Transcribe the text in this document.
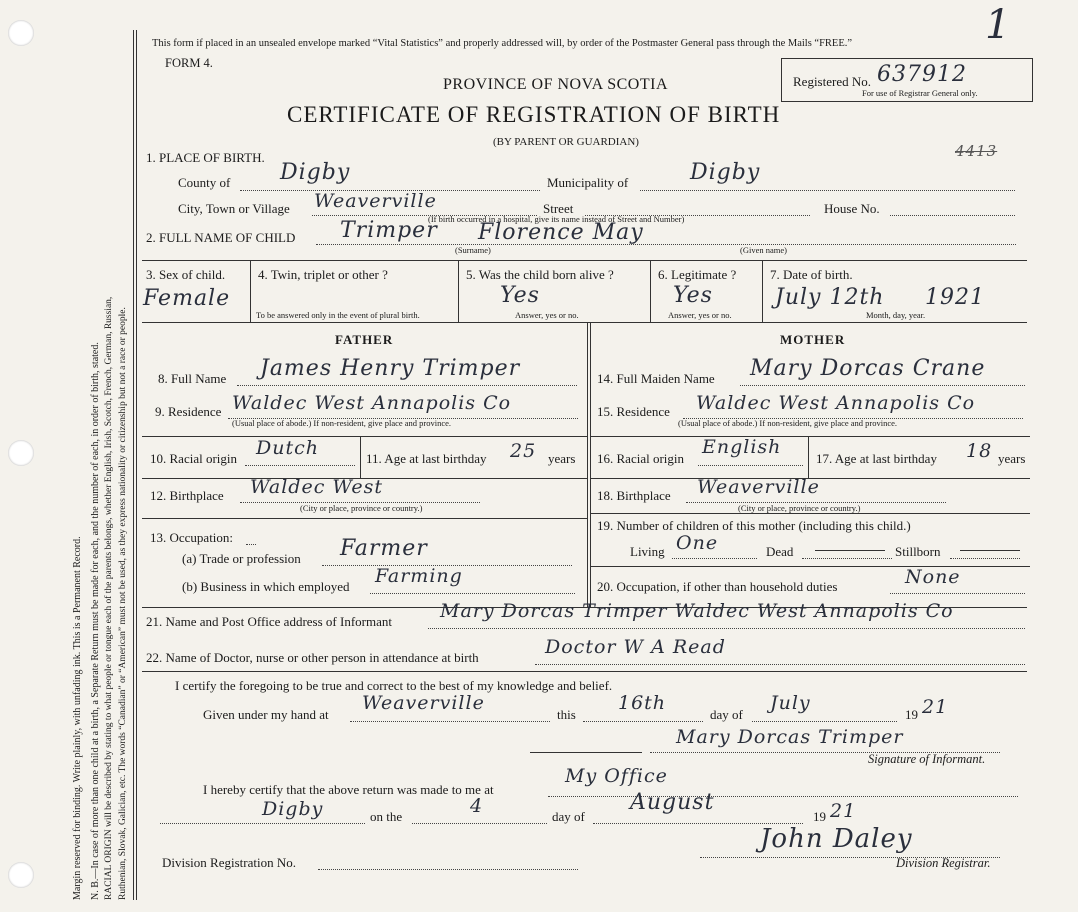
Margin reserved for binding. Write plainly, with unfading ink. This is a Permanent Record. N. B.—In case of more than one child at a birth, a Separate Return must be made for each, and the number of each, in order of birth, stated. RACIAL ORIGIN will be described by stating to what people or tongue each of the parents belongs, whether English, Irish, Scotch, French, German, Russian, Ruthenian, Slovak, Galician, etc. The words “Canadian” or “American” must not be used, as they express nationality or citizenship but not a race or people.
This form if placed in an unsealed envelope marked “Vital Statistics” and properly addressed will, by order of the Postmaster General pass through the Mails “FREE.”
FORM 4.
Registered No. 637912
For use of Registrar General only.
1
PROVINCE OF NOVA SCOTIA
CERTIFICATE OF REGISTRATION OF BIRTH
(BY PARENT OR GUARDIAN)	4413
1. PLACE OF BIRTH.
County of Digby	Municipality of	Digby
City, Town or Village Weaverville	Street
(If birth occurred in a hospital, give its name instead of Street and Number)
House No.
2. FULL NAME OF CHILD Trimper Florence May
(Surname)	(Given name)
3. Sex of child.
Female
4. Twin, triplet or other ?
To be answered only in the event of plural birth.
5. Was the child born alive ?
Yes
Answer, yes or no.
6. Legitimate ?
Yes
Answer, yes or no.
7. Date of birth.
July 12th 1921
Month, day, year.
FATHER	MOTHER
8. Full Name James Henry Trimper
9. Residence Waldec West Annapolis Co
(Usual place of abode.) If non-resident, give place and province.
10. Racial origin Dutch	11. Age at last birthday 25 years
12. Birthplace Waldec West
(City or place, province or country.)
13. Occupation:
(a) Trade or profession Farmer
(b) Business in which employed Farming
14. Full Maiden Name Mary Dorcas Crane
15. Residence Waldec West Annapolis Co
(Usual place of abode.) If non-resident, give place and province.
16. Racial origin
English
17. Age at last birthday 18 years
18. Birthplace Weaverville
(City or place, province or country.)
19. Number of children of this mother (including this child.)
Living One	Dead	Stillborn
20. Occupation, if other than household duties	None
21. Name and Post Office address of Informant	Mary Dorcas Trimper Waldec West Annapolis Co
22. Name of Doctor, nurse or other person in attendance at birth	Doctor W A Read
I certify the foregoing to be true and correct to the best of my knowledge and belief.
Given under my hand at
Weaverville
this
16th
day of
July
19 21
Mary Dorcas Trimper
Signature of Informant.
I hereby certify that the above return was made to me at
My Office
Digby	on the	4	day of
August
19 21
Division Registration No.
John Daley
Division Registrar.
